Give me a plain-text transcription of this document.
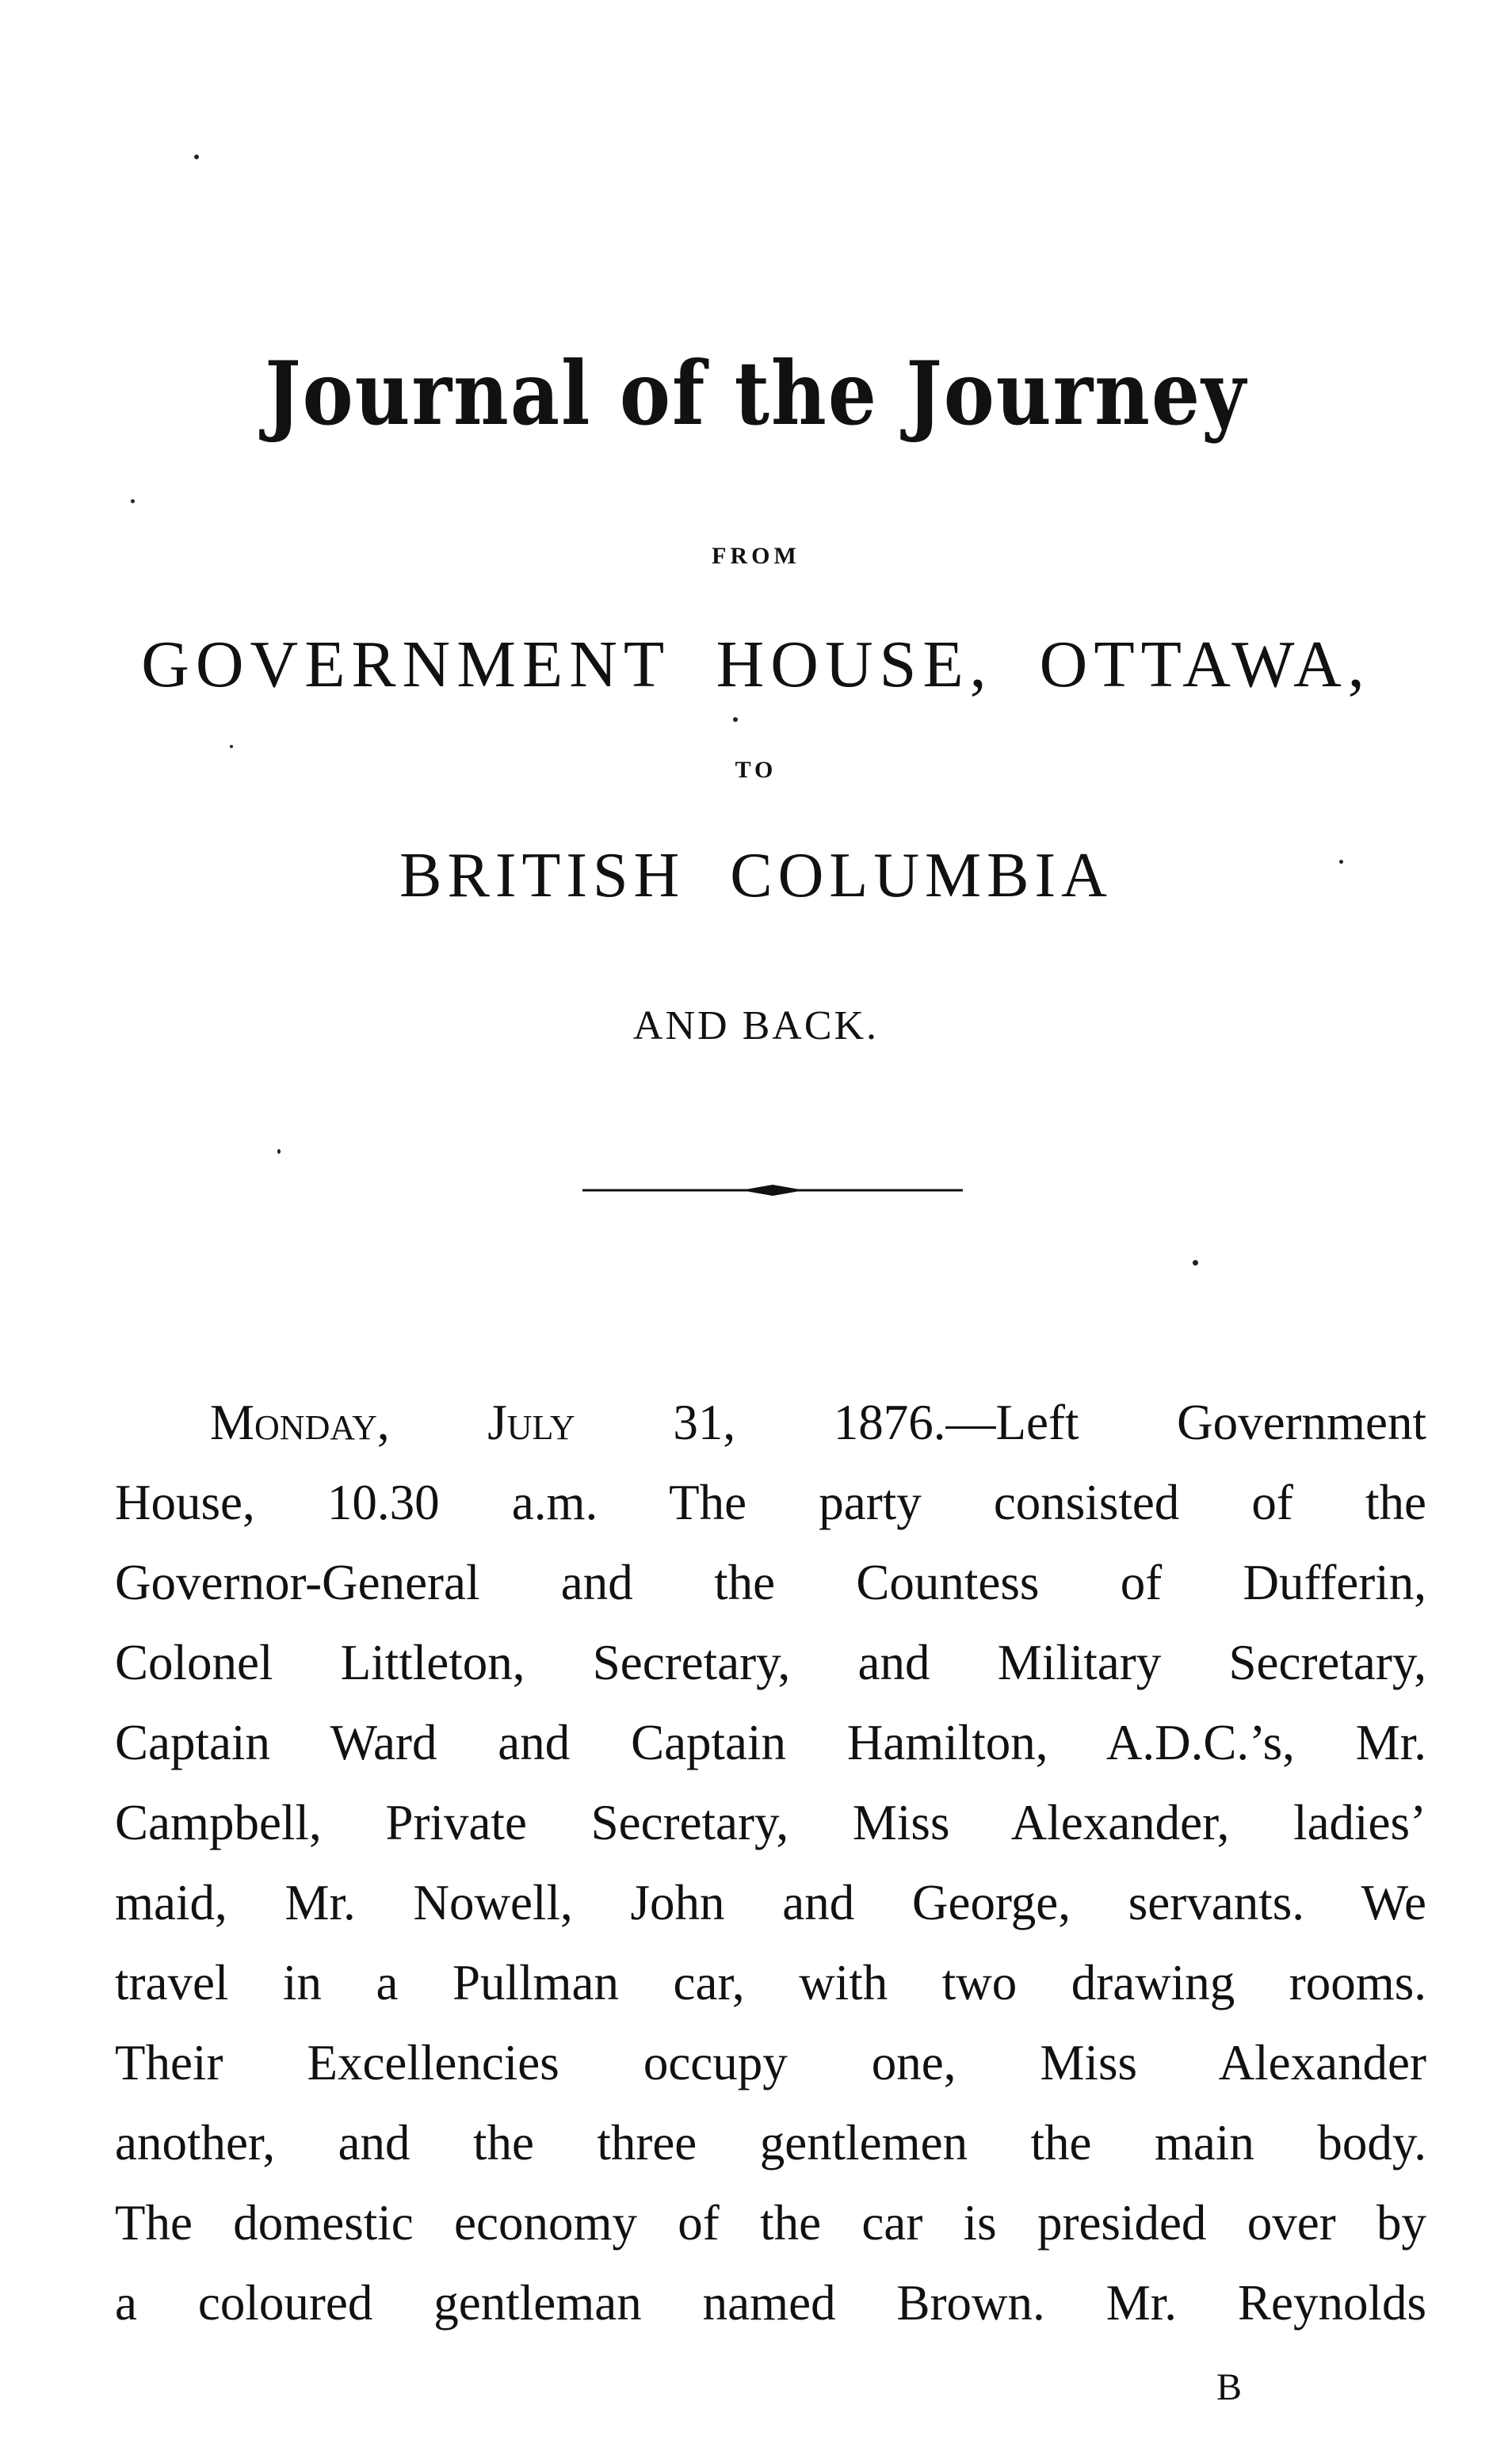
Journal of the Journey

FROM

GOVERNMENT HOUSE, OTTAWA,

TO

BRITISH COLUMBIA

AND BACK.

Monday, July 31, 1876.—Left Government
House, 10.30 a.m. The party consisted of the
Governor-General and the Countess of Dufferin,
Colonel Littleton, Secretary, and Military Secretary,
Captain Ward and Captain Hamilton, A.D.C.’s, Mr.
Campbell, Private Secretary, Miss Alexander, ladies’
maid, Mr. Nowell, John and George, servants. We
travel in a Pullman car, with two drawing rooms.
Their Excellencies occupy one, Miss Alexander
another, and the three gentlemen the main body.
The domestic economy of the car is presided over by
a coloured gentleman named Brown. Mr. Reynolds

B
